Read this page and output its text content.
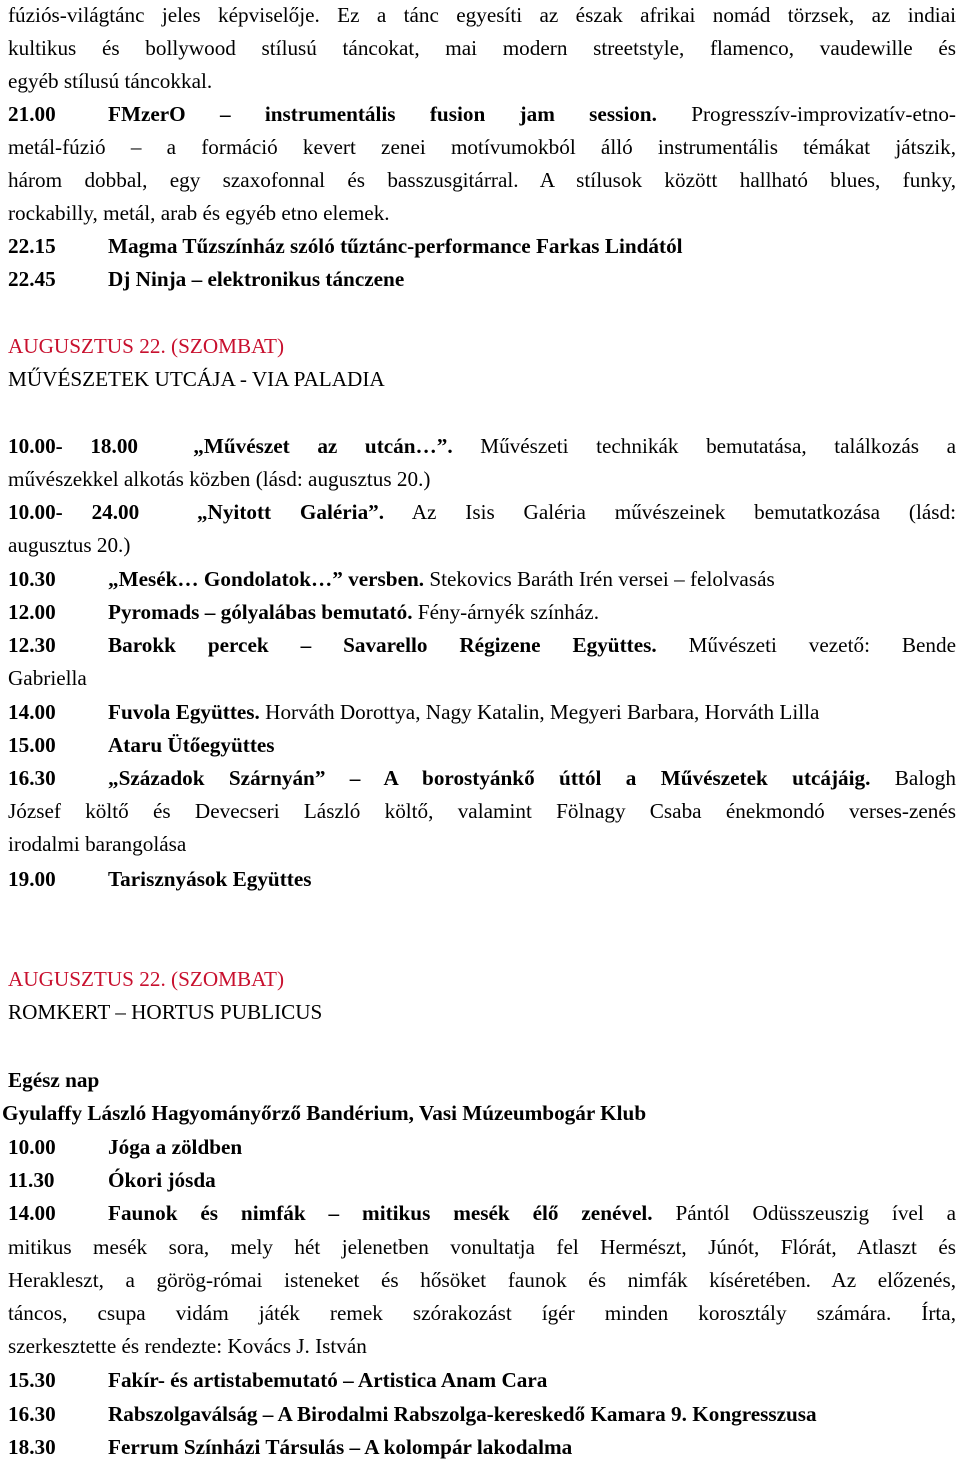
fúziós-világtánc jeles képviselője. Ez a tánc egyesíti az észak afrikai nomád törzsek, az indiai
kultikus és bollywood stílusú táncokat, mai modern streetstyle, flamenco, vaudewille és
egyéb stílusú táncokkal.
21.00 FMzerO – instrumentális fusion jam session. Progresszív-improvizatív-etno-
metál-fúzió – a formáció kevert zenei motívumokból álló instrumentális témákat játszik,
három dobbal, egy szaxofonnal és basszusgitárral. A stílusok között hallható blues, funky,
rockabilly, metál, arab és egyéb etno elemek.
22.15 Magma Tűzszínház szóló tűztánc-performance Farkas Lindától
22.45 Dj Ninja – elektronikus tánczene
AUGUSZTUS 22. (SZOMBAT)
MŰVÉSZETEK UTCÁJA - VIA PALADIA
10.00- 18.00	„Művészet az utcán…”. Művészeti technikák bemutatása, találkozás a
művészekkel alkotás közben (lásd: augusztus 20.)
10.00- 24.00	„Nyitott Galéria”. Az Isis Galéria művészeinek bemutatkozása (lásd:
augusztus 20.)
10.30 „Mesék… Gondolatok…” versben. Stekovics Baráth Irén versei – felolvasás
12.00 Pyromads – gólyalábas bemutató. Fény-árnyék színház.
12.30 Barokk percek – Savarello Régizene Együttes. Művészeti vezető: Bende
Gabriella
14.00 Fuvola Együttes. Horváth Dorottya, Nagy Katalin, Megyeri Barbara, Horváth Lilla
15.00 Ataru Ütőegyüttes
16.30 „Századok Szárnyán” – A borostyánkő úttól a Művészetek utcájáig. Balogh
József költő és Devecseri László költő, valamint Fölnagy Csaba énekmondó verses-zenés
irodalmi barangolása
19.00 Tarisznyások Együttes
AUGUSZTUS 22. (SZOMBAT)
ROMKERT – HORTUS PUBLICUS
Egész nap
Gyulaffy László Hagyományőrző Bandérium, Vasi Múzeumbogár Klub
10.00 Jóga a zöldben
11.30	Ókori jósda
14.00 Faunok és nimfák – mitikus mesék élő zenével. Pántól Odüsszeuszig ível a
mitikus mesék sora, mely hét jelenetben vonultatja fel Hermészt, Júnót, Flórát, Atlaszt és
Herakleszt, a görög-római isteneket és hősöket faunok és nimfák kíséretében. Az előzenés,
táncos, csupa vidám játék remek szórakozást ígér minden korosztály számára. Írta,
szerkesztette és rendezte: Kovács J. István
15.30 Fakír- és artistabemutató – Artistica Anam Cara
16.30 Rabszolgaválság – A Birodalmi Rabszolga-kereskedő Kamara 9. Kongresszusa
18.30 Ferrum Színházi Társulás – A kolompár lakodalma
